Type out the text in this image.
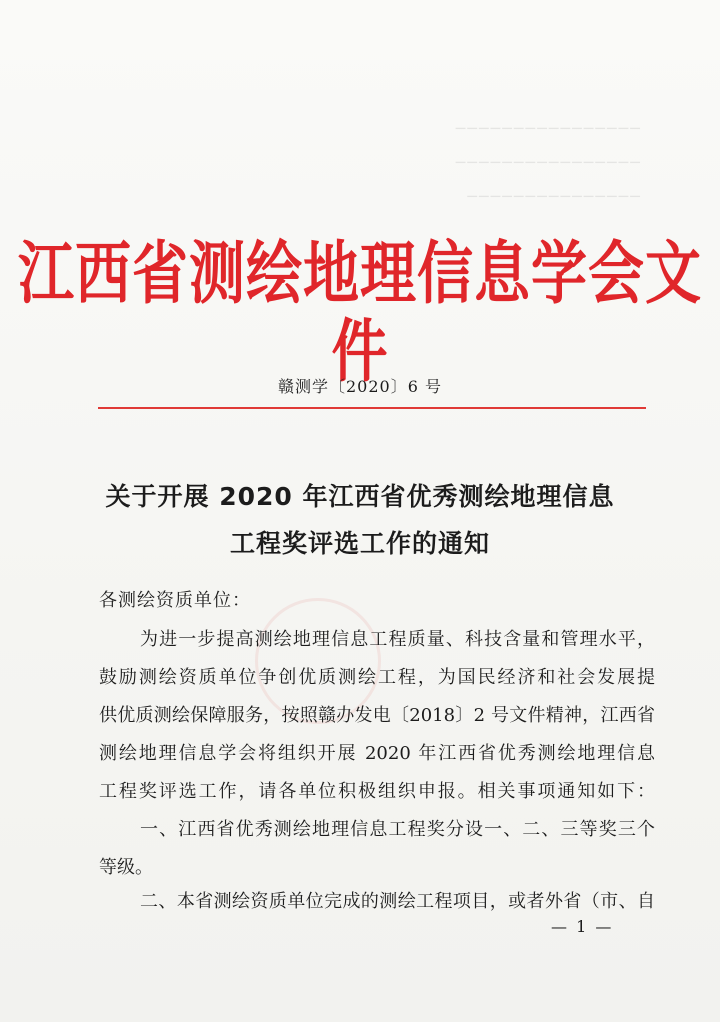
────────────────
────────────────
───────────────
江西省测绘地理信息学会文件
赣测学〔2020〕6 号
关于开展 2020 年江西省优秀测绘地理信息
工程奖评选工作的通知
各测绘资质单位：
为进一步提高测绘地理信息工程质量、科技含量和管理水平，
鼓励测绘资质单位争创优质测绘工程，为国民经济和社会发展提
供优质测绘保障服务，按照赣办发电〔2018〕2 号文件精神，江西省
测绘地理信息学会将组织开展 2020 年江西省优秀测绘地理信息
工程奖评选工作，请各单位积极组织申报。相关事项通知如下：
一、江西省优秀测绘地理信息工程奖分设一、二、三等奖三个
等级。
二、本省测绘资质单位完成的测绘工程项目，或者外省（市、自
— 1 —
